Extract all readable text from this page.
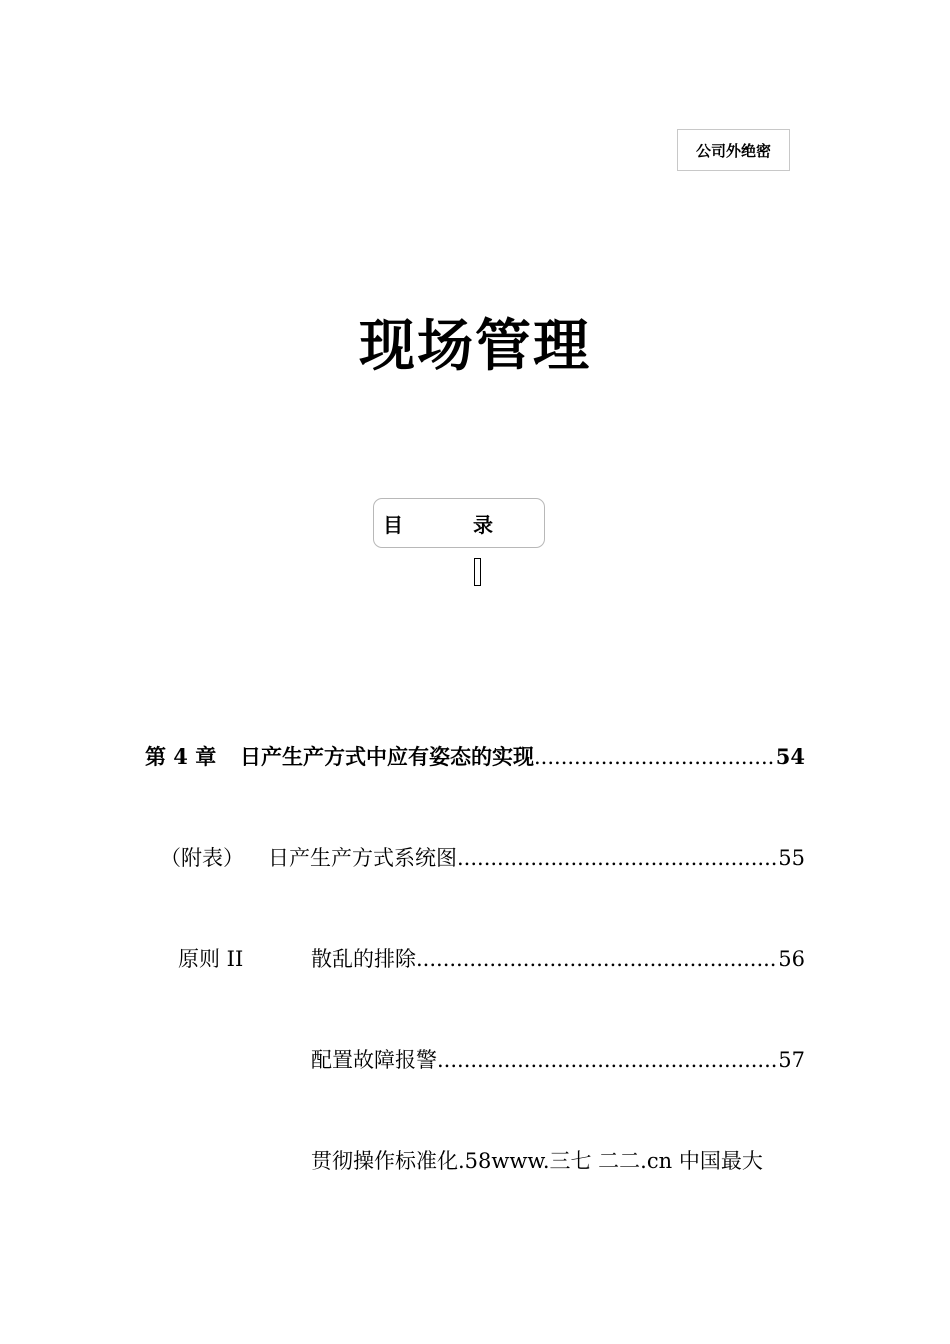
公司外绝密
现场管理
目	录
第 4 章	日产生产方式中应有姿态的实现 .....	54
（附表）	日产生产方式系统图 .....	55
原则 II	散乱的排除 .....	56
配置故障报警 .....	57
贯彻操作标准化.58www.三七 二二.cn 中国最大
